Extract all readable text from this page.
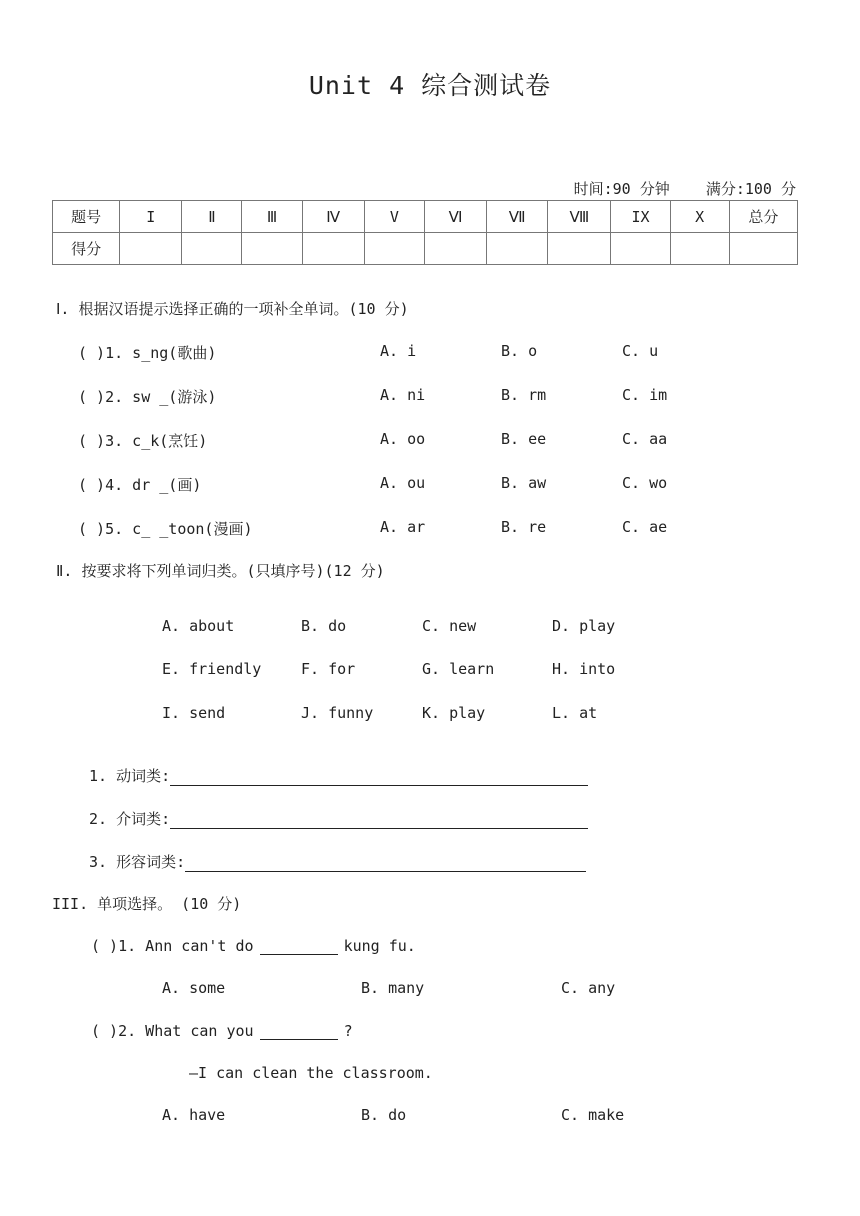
Unit 4 综合测试卷
时间:90 分钟 满分:100 分
题号	I	Ⅱ	Ⅲ	Ⅳ	V	Ⅵ	Ⅶ	Ⅷ	IX	X	总分
得分											
Ⅰ. 根据汉语提示选择正确的一项补全单词。(10 分)
( )1. s_ng(歌曲)	A. i	B. o	C. u
( )2. sw _(游泳)	A. ni	B. rm	C. im
( )3. c_k(烹饪)	A. oo	B. ee	C. aa
( )4. dr _(画)	A. ou	B. aw	C. wo
( )5. c_ _toon(漫画)	A. ar	B. re	C. ae
Ⅱ. 按要求将下列单词归类。(只填序号)(12 分)
A. about	B. do	C. new	D. play
E. friendly	F. for	G. learn	H. into
I. send	J. funny	K. play	L. at
1. 动词类:
2. 介词类:
3. 形容词类:
III. 单项选择。 (10 分)
( )1. Ann can't do	kung fu.
A. some	B. many	C. any
( )2. What can you	?
—I can clean the classroom.
A. have	B. do	C. make
